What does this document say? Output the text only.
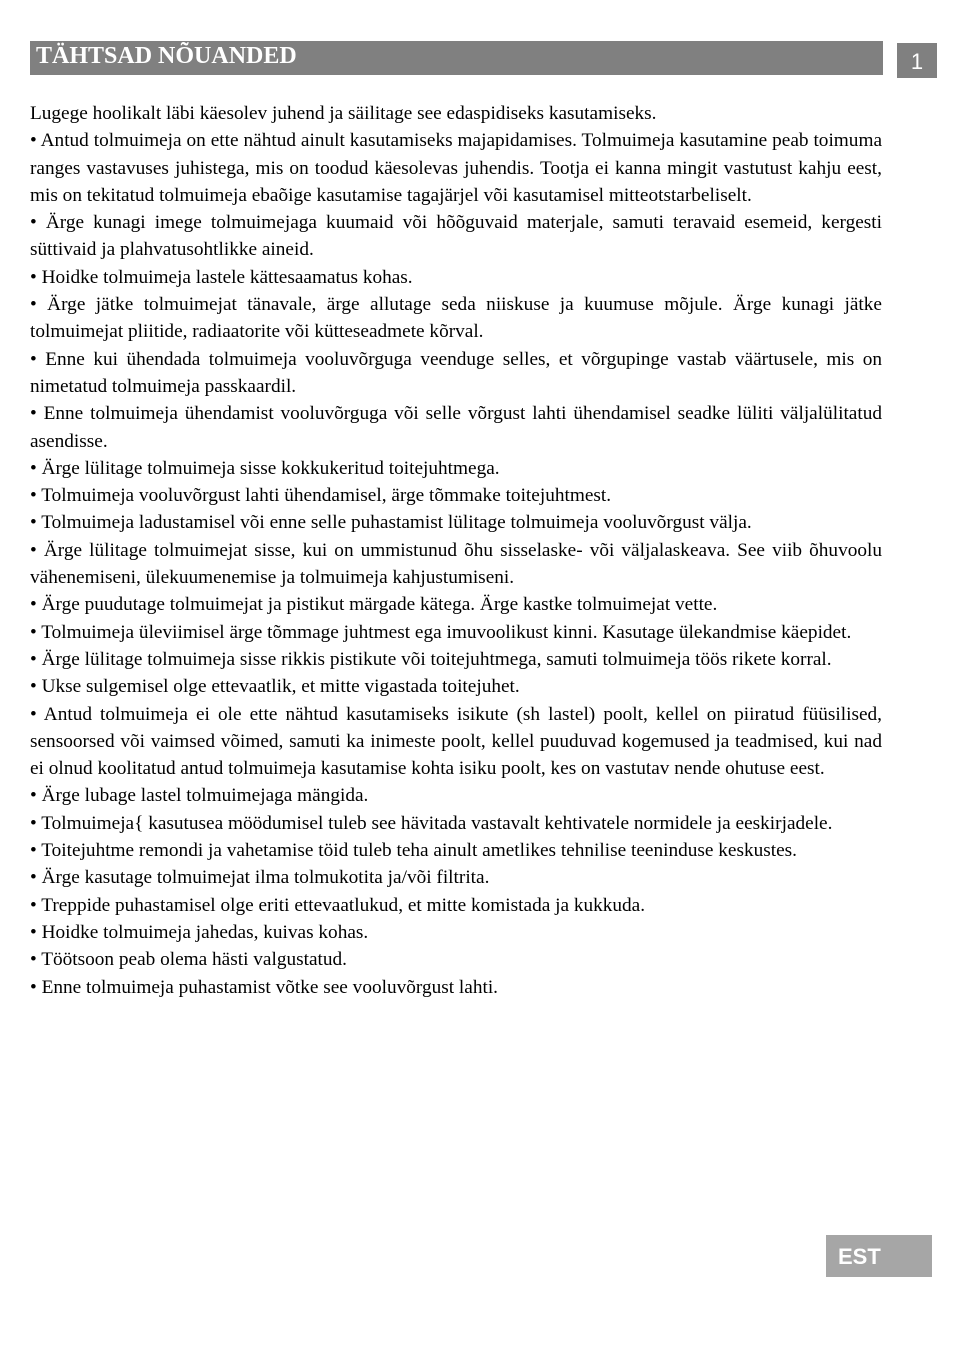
TÄHTSAD NÕUANDED	1

Lugege hoolikalt läbi käesolev juhend ja säilitage see edaspidiseks kasutamiseks.

• Antud tolmuimeja on ette nähtud ainult kasutamiseks majapidamises. Tolmuimeja kasutamine peab toimuma ranges vastavuses juhistega, mis on toodud käesolevas juhendis. Tootja ei kanna mingit vastutust kahju eest, mis on tekitatud tolmuimeja ebaõige kasutamise tagajärjel või kasutamisel mitteotstarbeliselt.

• Ärge kunagi imege tolmuimejaga kuumaid või hõõguvaid materjale, samuti teravaid esemeid, kergesti süttivaid ja plahvatusohtlikke aineid.

• Hoidke tolmuimeja lastele kättesaamatus kohas.

• Ärge jätke tolmuimejat tänavale, ärge allutage seda niiskuse ja kuumuse mõjule. Ärge kunagi jätke tolmuimejat pliitide, radiaatorite või kütteseadmete kõrval.

• Enne kui ühendada tolmuimeja vooluvõrguga veenduge selles, et võrgupinge vastab väärtusele, mis on nimetatud tolmuimeja passkaardil.

• Enne tolmuimeja ühendamist vooluvõrguga või selle võrgust lahti ühendamisel seadke lüliti väljalülitatud asendisse.

• Ärge lülitage tolmuimeja sisse kokkukeritud toitejuhtmega.

• Tolmuimeja vooluvõrgust lahti ühendamisel, ärge tõmmake toitejuhtmest.

• Tolmuimeja ladustamisel või enne selle puhastamist lülitage tolmuimeja vooluvõrgust välja.

• Ärge lülitage tolmuimejat sisse, kui on ummistunud õhu sisselaske- või väljalaskeava. See viib õhuvoolu vähenemiseni, ülekuumenemise ja tolmuimeja kahjustumiseni.

• Ärge puudutage tolmuimejat ja pistikut märgade kätega. Ärge kastke tolmuimejat vette.

• Tolmuimeja üleviimisel ärge tõmmage juhtmest ega imuvoolikust kinni. Kasutage ülekandmise käepidet.

• Ärge lülitage tolmuimeja sisse rikkis pistikute või toitejuhtmega, samuti tolmuimeja töös rikete korral.

• Ukse sulgemisel olge ettevaatlik, et mitte vigastada toitejuhet.

• Antud tolmuimeja ei ole ette nähtud kasutamiseks isikute (sh lastel) poolt, kellel on piiratud füüsilised, sensoorsed või vaimsed võimed, samuti ka inimeste poolt, kellel puuduvad kogemused ja teadmised, kui nad ei olnud koolitatud antud tolmuimeja kasutamise kohta isiku poolt, kes on vastutav nende ohutuse eest.

• Ärge lubage lastel tolmuimejaga mängida.

• Tolmuimeja{ kasutusea möödumisel tuleb see hävitada vastavalt kehtivatele normidele ja eeskirjadele.

• Toitejuhtme remondi ja vahetamise töid tuleb teha ainult ametlikes tehnilise teeninduse keskustes.

• Ärge kasutage tolmuimejat ilma tolmukotita ja/või filtrita.

• Treppide puhastamisel olge eriti ettevaatlukud, et mitte komistada ja kukkuda.

• Hoidke tolmuimeja jahedas, kuivas kohas.

• Töötsoon peab olema hästi valgustatud.

• Enne tolmuimeja puhastamist võtke see vooluvõrgust lahti.

EST
